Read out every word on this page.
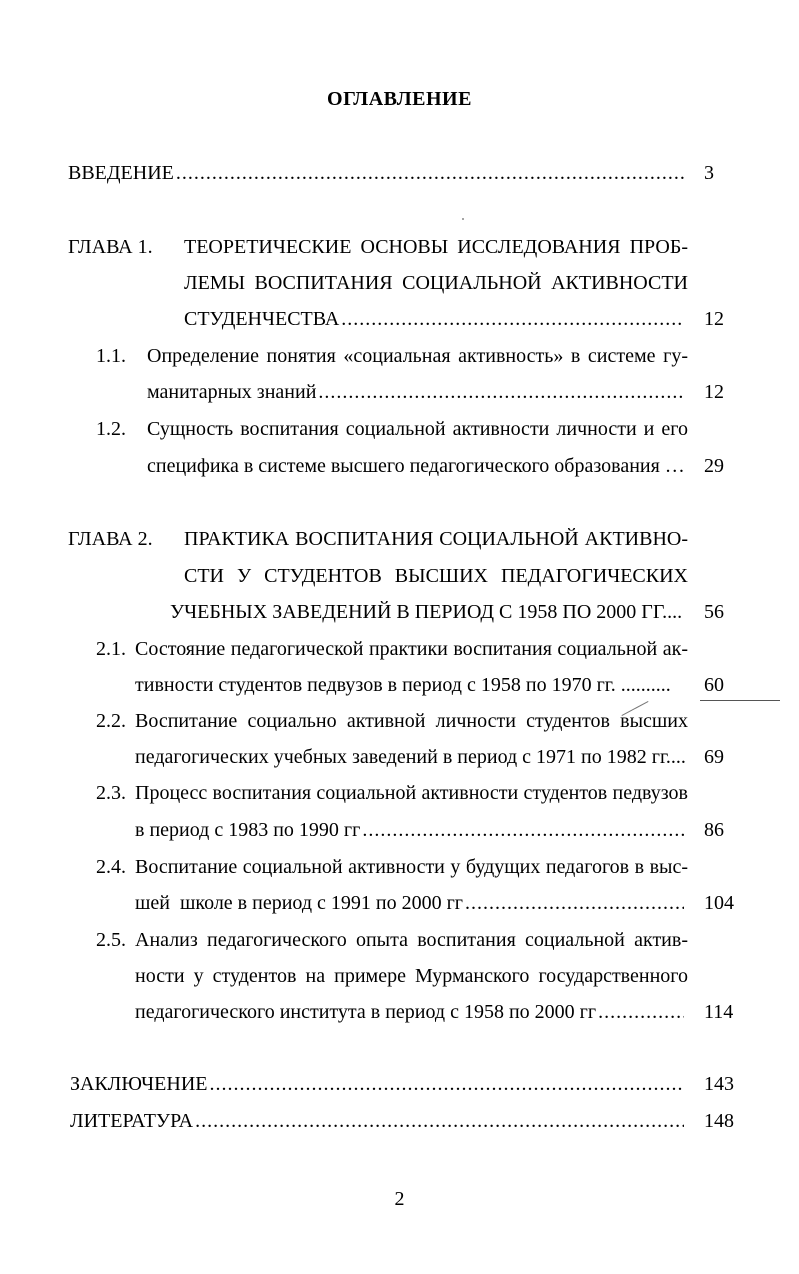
ОГЛАВЛЕНИЕ
ВВЕДЕНИЕ .....	3
ГЛАВА 1. ТЕОРЕТИЧЕСКИЕ ОСНОВЫ ИССЛЕДОВАНИЯ ПРОБ-
ЛЕМЫ ВОСПИТАНИЯ СОЦИАЛЬНОЙ АКТИВНОСТИ
СТУДЕНЧЕСТВА .....	12
1.1. Определение понятия «социальная активность» в системе гу-
манитарных знаний .....	12
1.2. Сущность воспитания социальной активности личности и его
специфика в системе высшего педагогического образования … 29
ГЛАВА 2. ПРАКТИКА ВОСПИТАНИЯ СОЦИАЛЬНОЙ АКТИВНО-
СТИ У СТУДЕНТОВ ВЫСШИХ ПЕДАГОГИЧЕСКИХ
УЧЕБНЫХ ЗАВЕДЕНИЙ В ПЕРИОД С 1958 ПО 2000 ГГ.... 56
2.1. Состояние педагогической практики воспитания социальной ак-
тивности студентов педвузов в период с 1958 по 1970 гг. .......... 60
2.2. Воспитание социально активной личности студентов высших
педагогических учебных заведений в период с 1971 по 1982 гг.... 69
2.3. Процесс воспитания социальной активности студентов педвузов
в период с 1983 по 1990 гг .....	86
2.4. Воспитание социальной активности у будущих педагогов в выс-
шей  школе в период с 1991 по 2000 гг .....	104
2.5. Анализ педагогического опыта воспитания социальной актив-
ности у студентов на примере Мурманского государственного
педагогического института в период с 1958 по 2000 гг .....	114
ЗАКЛЮЧЕНИЕ .....	143
ЛИТЕРАТУРА .....	148
2
